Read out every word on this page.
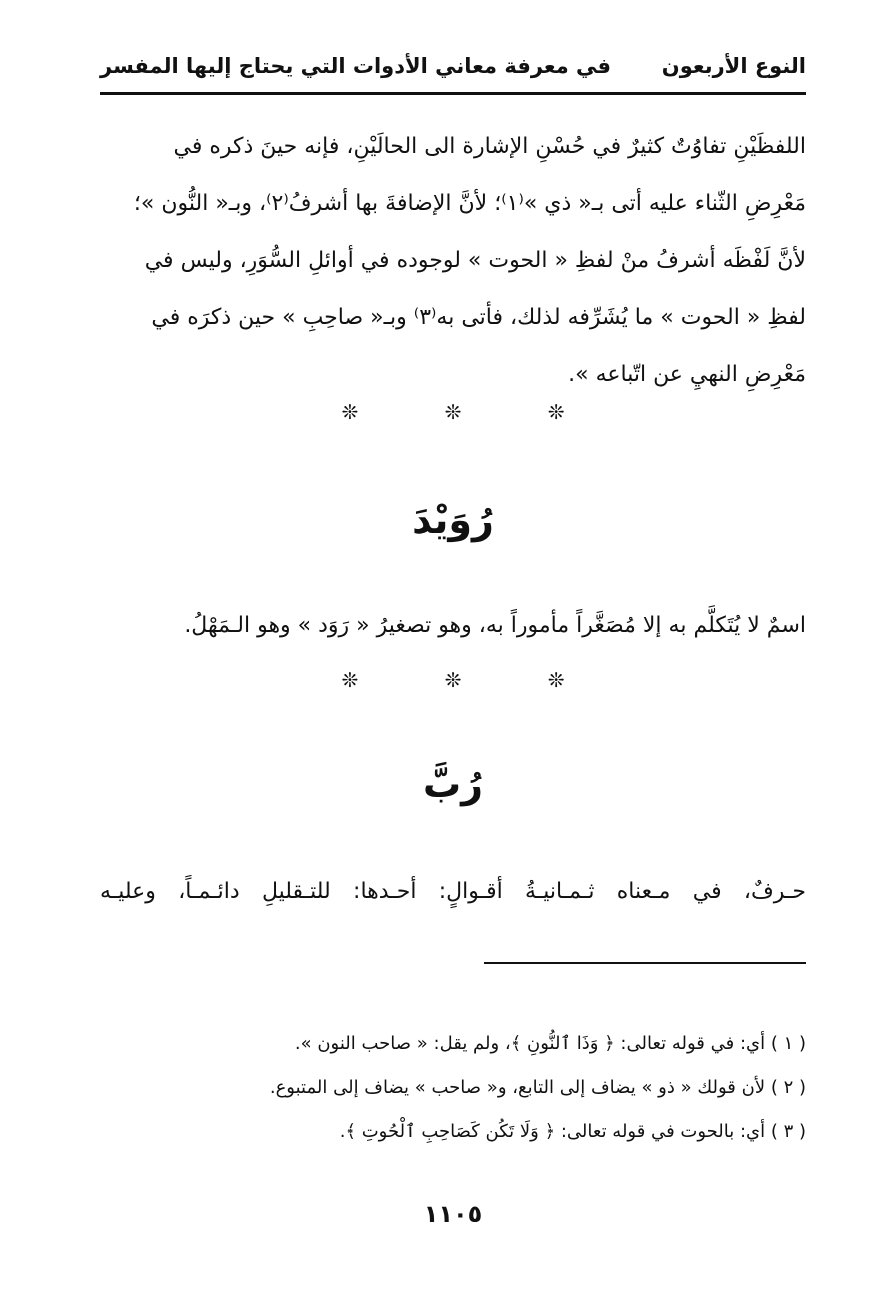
النوع الأربعون
في معرفة معاني الأدوات التي يحتاج إليها المفسر

اللفظَيْنِ تفاوُتٌ كثيرٌ في حُسْنِ الإشارة الى الحالَيْنِ، فإنه حينَ ذكره في

مَعْرِضِ الثّناء عليه أتى بـ« ذي »⁽١⁾؛ لأنَّ الإضافةَ بها أشرفُ⁽٢⁾، وبـ« النُّون »؛

لأنَّ لَفْظَه أشرفُ منْ لفظِ « الحوت » لوجوده في أوائلِ السُّوَرِ، وليس في

لفظِ « الحوت » ما يُشَرِّفه لذلك، فأتى به⁽٣⁾ وبـ« صاحِبِ » حين ذكرَه في

مَعْرِضِ النهيِ عن اتّباعه ».

❊ ❊ ❊
رُوَيْدَ
اسمٌ لا يُتَكلَّم به إلا مُصَغَّراً مأموراً به، وهو تصغيرُ « رَوَد » وهو الـمَهْلُ.
❊ ❊ ❊
رُبَّ
حـرفٌ، في مـعناه ثـمـانيـةُ أقـوالٍ: أحـدها: للتـقليلِ دائـمـاً، وعليـه
( ١ ) أي: في قوله تعالى: ﴿ وَذَا ٱلنُّونِ ﴾، ولم يقل: « صاحب النون ».
( ٢ ) لأن قولك « ذو » يضاف إلى التابع، و« صاحب » يضاف إلى المتبوع.
( ٣ ) أي: بالحوت في قوله تعالى: ﴿ وَلَا تَكُن كَصَاحِبِ ٱلْحُوتِ ﴾.
١١٠٥
